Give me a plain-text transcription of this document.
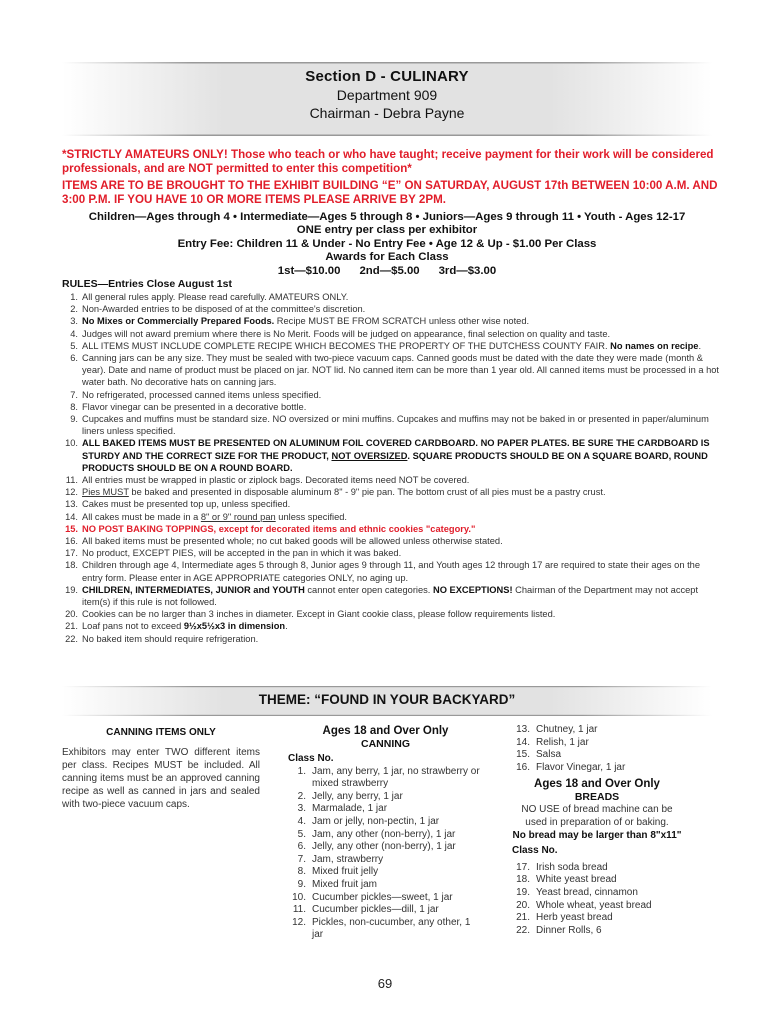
Section D - CULINARY
Department 909
Chairman - Debra Payne
*STRICTLY AMATEURS ONLY! Those who teach or who have taught; receive payment for their work will be considered professionals, and are NOT permitted to enter this competition*
ITEMS ARE TO BE BROUGHT TO THE EXHIBIT BUILDING “E” ON SATURDAY, AUGUST 17th BETWEEN 10:00 A.M. AND 3:00 P.M. IF YOU HAVE 10 OR MORE ITEMS PLEASE ARRIVE BY 2PM.
Children—Ages through 4 • Intermediate—Ages 5 through 8 • Juniors—Ages 9 through 11 • Youth - Ages 12-17
ONE entry per class per exhibitor
Entry Fee: Children 11 & Under - No Entry Fee • Age 12 & Up - $1.00 Per Class
Awards for Each Class
1st—$10.00      2nd—$5.00      3rd—$3.00
RULES—Entries Close August 1st
1. All general rules apply. Please read carefully. AMATEURS ONLY.
2. Non-Awarded entries to be disposed of at the committee's discretion.
3. No Mixes or Commercially Prepared Foods. Recipe MUST BE FROM SCRATCH unless other wise noted.
4. Judges will not award premium where there is No Merit. Foods will be judged on appearance, final selection on quality and taste.
5. ALL ITEMS MUST INCLUDE COMPLETE RECIPE WHICH BECOMES THE PROPERTY OF THE DUTCHESS COUNTY FAIR. No names on recipe.
6. Canning jars can be any size. They must be sealed with two-piece vacuum caps. Canned goods must be dated with the date they were made (month & year). Date and name of product must be placed on jar. NOT lid. No canned item can be more than 1 year old. All canned items must be processed in a hot water bath. No decorative hats on canning jars.
7. No refrigerated, processed canned items unless specified.
8. Flavor vinegar can be presented in a decorative bottle.
9. Cupcakes and muffins must be standard size. NO oversized or mini muffins. Cupcakes and muffins may not be baked in or presented in paper/aluminum liners unless specified.
10. ALL BAKED ITEMS MUST BE PRESENTED ON ALUMINUM FOIL COVERED CARDBOARD. NO PAPER PLATES. BE SURE THE CARDBOARD IS STURDY AND THE CORRECT SIZE FOR THE PRODUCT, NOT OVERSIZED. SQUARE PRODUCTS SHOULD BE ON A SQUARE BOARD, ROUND PRODUCTS SHOULD BE ON A ROUND BOARD.
11. All entries must be wrapped in plastic or ziplock bags. Decorated items need NOT be covered.
12. Pies MUST be baked and presented in disposable aluminum 8" - 9" pie pan. The bottom crust of all pies must be a pastry crust.
13. Cakes must be presented top up, unless specified.
14. All cakes must be made in a 8" or 9" round pan unless specified.
15. NO POST BAKING TOPPINGS, except for decorated items and ethnic cookies "category."
16. All baked items must be presented whole; no cut baked goods will be allowed unless otherwise stated.
17. No product, EXCEPT PIES, will be accepted in the pan in which it was baked.
18. Children through age 4, Intermediate ages 5 through 8, Junior ages 9 through 11, and Youth ages 12 through 17 are required to state their ages on the entry form. Please enter in AGE APPROPRIATE categories ONLY, no aging up.
19. CHILDREN, INTERMEDIATES, JUNIOR and YOUTH cannot enter open categories. NO EXCEPTIONS! Chairman of the Department may not accept item(s) if this rule is not followed.
20. Cookies can be no larger than 3 inches in diameter. Except in Giant cookie class, please follow requirements listed.
21. Loaf pans not to exceed 9½x5½x3 in dimension.
22. No baked item should require refrigeration.
THEME: “FOUND IN YOUR BACKYARD”
CANNING ITEMS ONLY
Exhibitors may enter TWO different items per class. Recipes MUST be included. All canning items must be an approved canning recipe as well as canned in jars and sealed with two-piece vacuum caps.
Ages 18 and Over Only
CANNING
Class No.
1. Jam, any berry, 1 jar, no strawberry or mixed strawberry
2. Jelly, any berry, 1 jar
3. Marmalade, 1 jar
4. Jam or jelly, non-pectin, 1 jar
5. Jam, any other (non-berry), 1 jar
6. Jelly, any other (non-berry), 1 jar
7. Jam, strawberry
8. Mixed fruit jelly
9. Mixed fruit jam
10. Cucumber pickles—sweet, 1 jar
11. Cucumber pickles—dill, 1 jar
12. Pickles, non-cucumber, any other, 1 jar
13. Chutney, 1 jar
14. Relish, 1 jar
15. Salsa
16. Flavor Vinegar, 1 jar
Ages 18 and Over Only
BREADS
NO USE of bread machine can be used in preparation of or baking.
No bread may be larger than 8"x11"
Class No.
17. Irish soda bread
18. White yeast bread
19. Yeast bread, cinnamon
20. Whole wheat, yeast bread
21. Herb yeast bread
22. Dinner Rolls, 6
69
